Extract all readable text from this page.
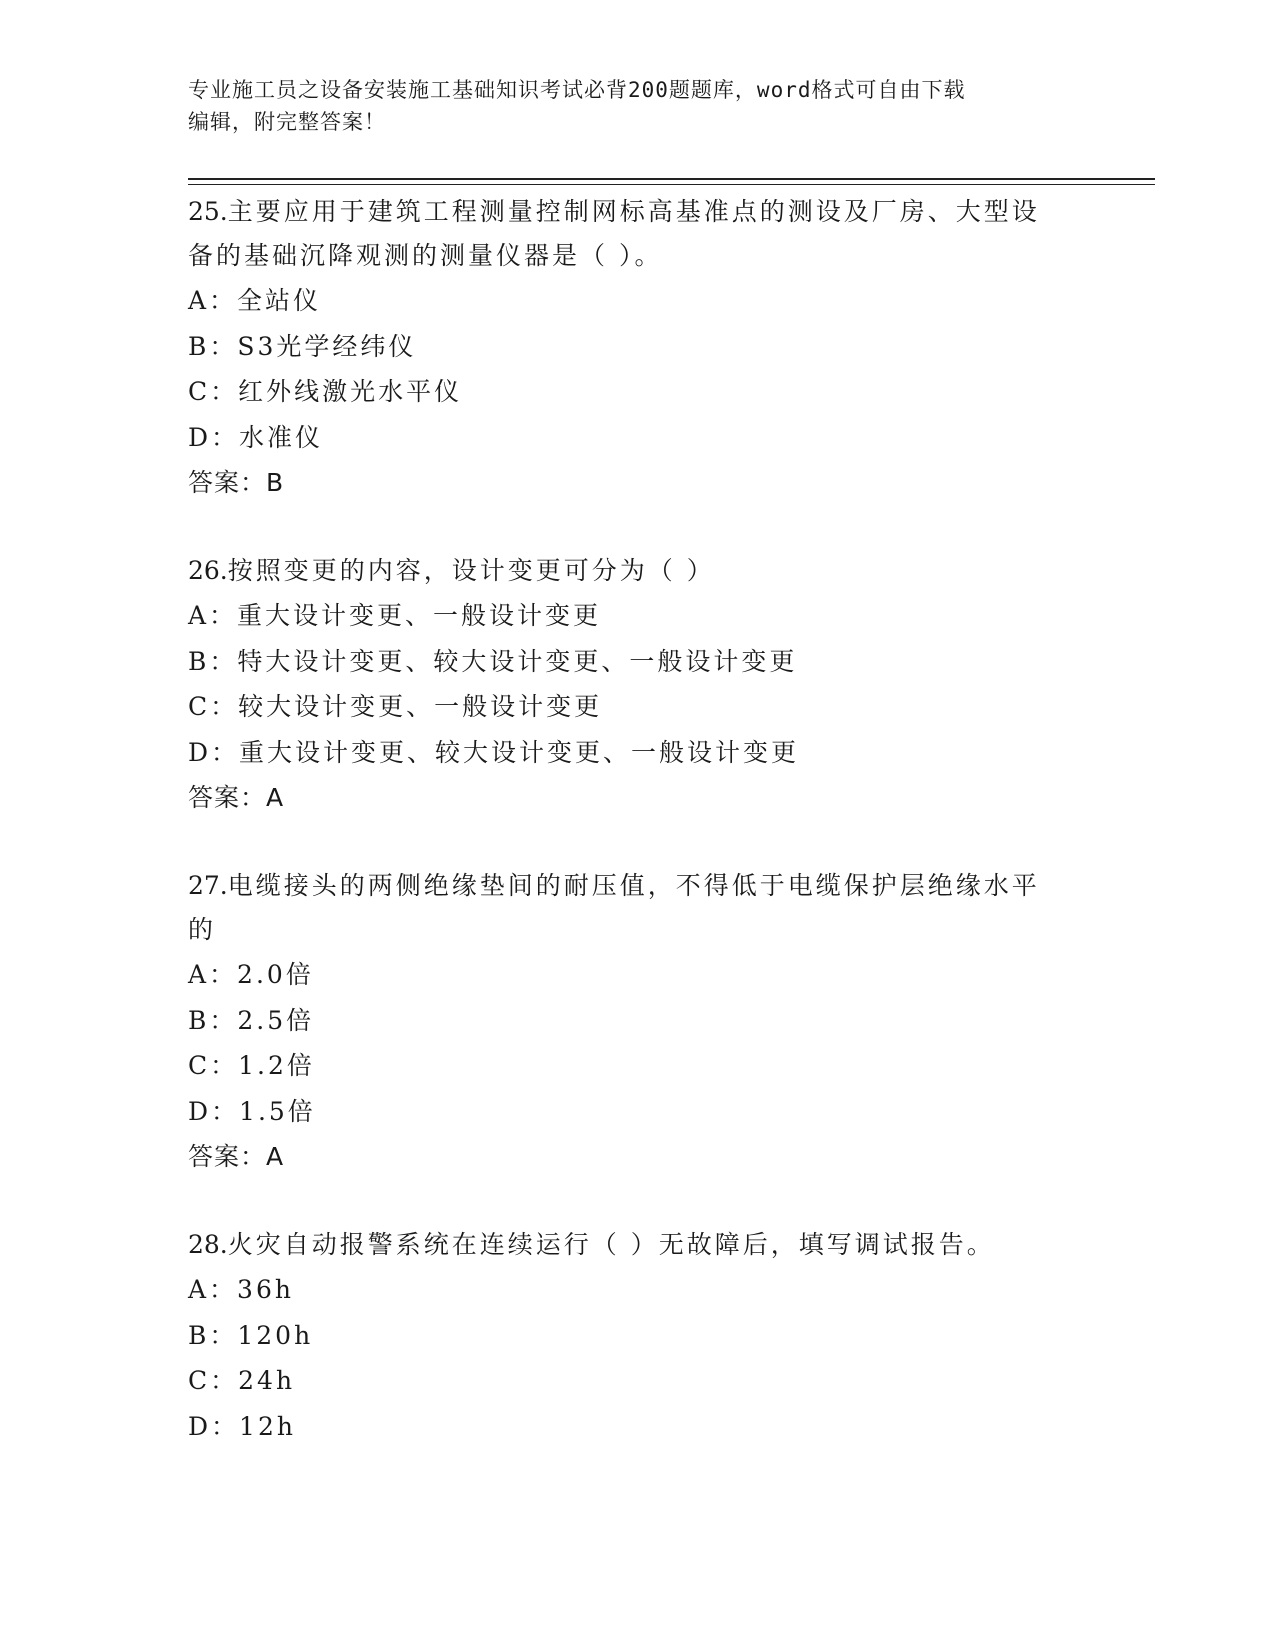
专业施工员之设备安装施工基础知识考试必背200题题库，word格式可自由下载
编辑，附完整答案！
25.主要应用于建筑工程测量控制网标高基准点的测设及厂房、大型设
备的基础沉降观测的测量仪器是（ ）。
A：全站仪
B：S3光学经纬仪
C：红外线激光水平仪
D：水准仪
答案：B
26.按照变更的内容，设计变更可分为（ ）
A：重大设计变更、一般设计变更
B：特大设计变更、较大设计变更、一般设计变更
C：较大设计变更、一般设计变更
D：重大设计变更、较大设计变更、一般设计变更
答案：A
27.电缆接头的两侧绝缘垫间的耐压值，不得低于电缆保护层绝缘水平
的
A：2.0倍
B：2.5倍
C：1.2倍
D：1.5倍
答案：A
28.火灾自动报警系统在连续运行（ ）无故障后，填写调试报告。
A：36h
B：120h
C：24h
D：12h
